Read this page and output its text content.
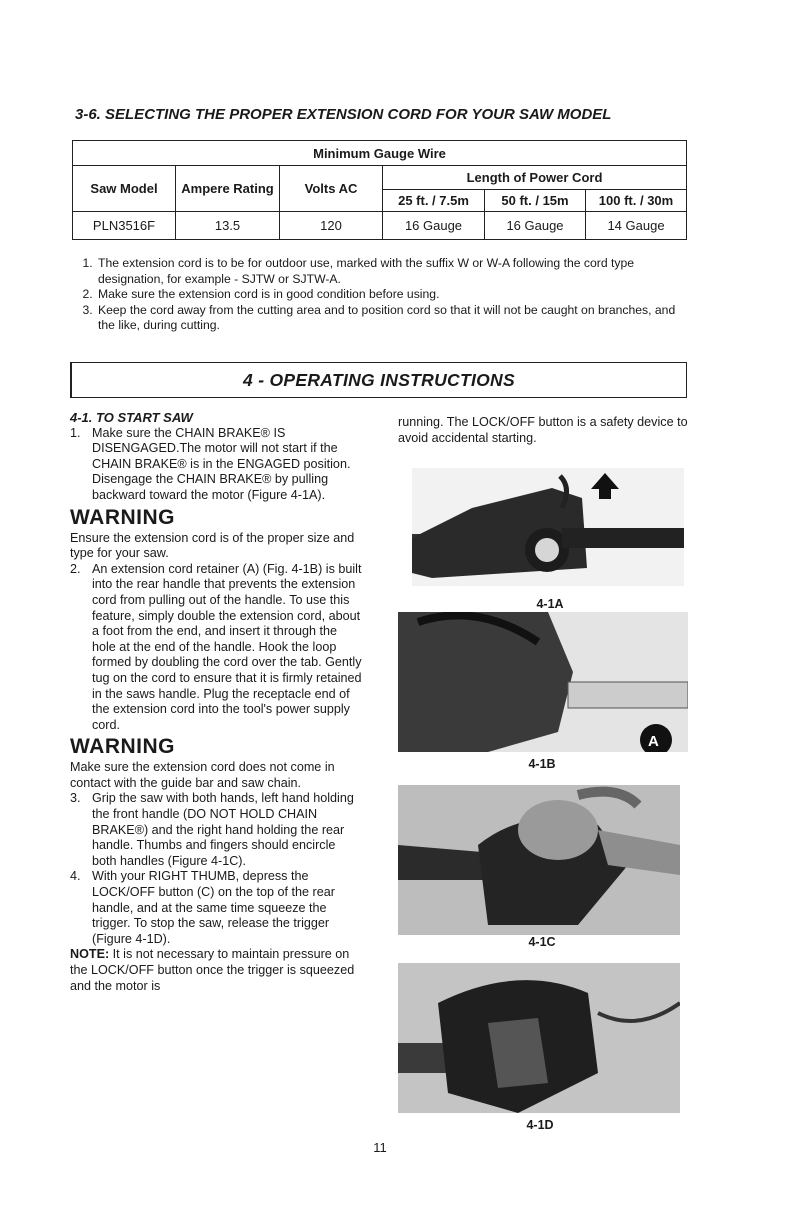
3-6. SELECTING THE PROPER EXTENSION CORD FOR YOUR SAW MODEL
Minimum Gauge Wire					
Saw Model	Ampere Rating	Volts AC	Length of Power Cord		
			25 ft. / 7.5m	50 ft. / 15m	100 ft. / 30m
PLN3516F	13.5	120	16 Gauge	16 Gauge	14 Gauge
1. The extension cord is to be for outdoor use, marked with the suffix W or W-A following the cord type designation, for example - SJTW or SJTW-A.
2. Make sure the extension cord is in good condition before using.
3. Keep the cord away from the cutting area and to position cord so that it will not be caught on branches, and the like, during cutting.
4 - OPERATING INSTRUCTIONS

4-1. TO START SAW

1. Make sure the CHAIN BRAKE® IS DISENGAGED.The motor will not start if the CHAIN BRAKE® is in the ENGAGED position. Disengage the CHAIN BRAKE® by pulling backward toward the motor (Figure 4-1A).
WARNING

Ensure the extension cord is of the proper size and type for your saw.

2. An extension cord retainer (A) (Fig. 4-1B) is built into the rear handle that prevents the extension cord from pulling out of the handle. To use this feature, simply double the extension cord, about a foot from the end, and insert it through the hole at the end of the handle. Hook the loop formed by doubling the cord over the tab. Gently tug on the cord to ensure that it is firmly retained in the saws handle. Plug the receptacle end of the extension cord into the tool's power supply cord.
WARNING

Make sure the extension cord does not come in contact with the guide bar and saw chain.

3. Grip the saw with both hands, left hand holding the front handle (DO NOT HOLD CHAIN BRAKE®) and the right hand holding the rear handle. Thumbs and fingers should encircle both handles (Figure 4-1C).
4. With your RIGHT THUMB, depress the LOCK/OFF button (C) on the top of the rear handle, and at the same time squeeze the trigger. To stop the saw, release the trigger (Figure 4-1D).

NOTE: It is not necessary to maintain pressure on the LOCK/OFF button once the trigger is squeezed and the motor is

running. The LOCK/OFF button is a safety device to avoid accidental starting.
4-1A
A
4-1B
4-1C
4-1D
11
